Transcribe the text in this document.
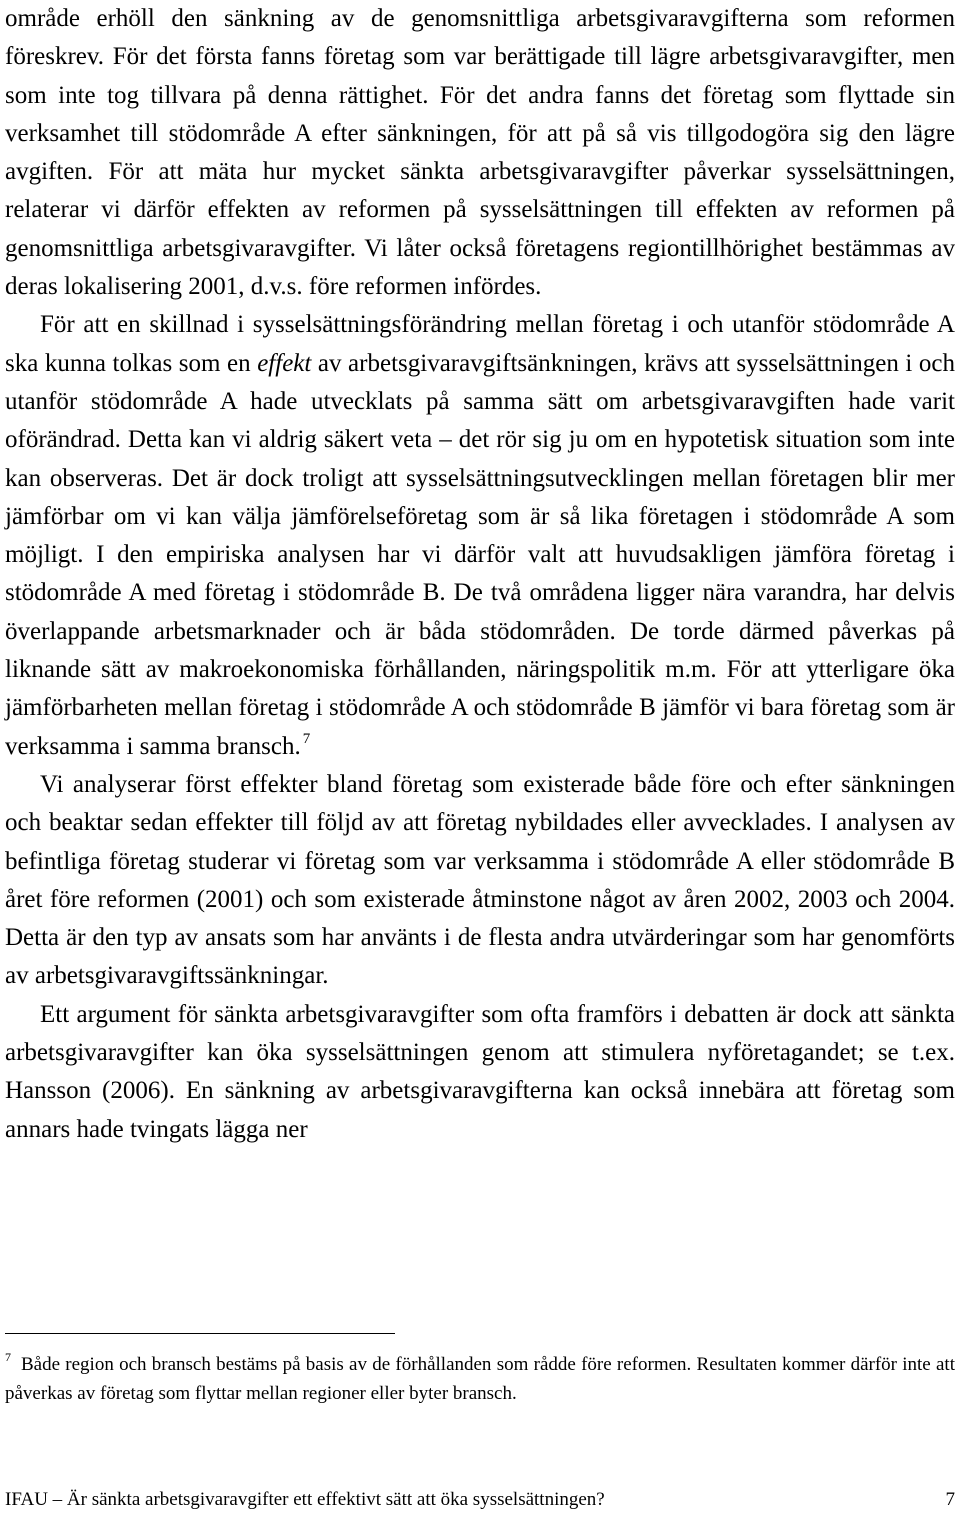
område erhöll den sänkning av de genomsnittliga arbetsgivaravgifterna som reformen föreskrev. För det första fanns företag som var berättigade till lägre arbetsgivaravgifter, men som inte tog tillvara på denna rättighet. För det andra fanns det företag som flyttade sin verksamhet till stödområde A efter sänkningen, för att på så vis tillgodogöra sig den lägre avgiften. För att mäta hur mycket sänkta arbetsgivaravgifter påverkar sysselsättningen, relaterar vi därför effekten av reformen på sysselsättningen till effekten av reformen på genomsnittliga arbetsgivaravgifter. Vi låter också företagens regiontillhörighet bestämmas av deras lokalisering 2001, d.v.s. före reformen infördes.

För att en skillnad i sysselsättningsförändring mellan företag i och utanför stödområde A ska kunna tolkas som en effekt av arbetsgivaravgiftsänkningen, krävs att sysselsättningen i och utanför stödområde A hade utvecklats på samma sätt om arbetsgivaravgiften hade varit oförändrad. Detta kan vi aldrig säkert veta – det rör sig ju om en hypotetisk situation som inte kan observeras. Det är dock troligt att sysselsättningsutvecklingen mellan företagen blir mer jämförbar om vi kan välja jämförelseföretag som är så lika företagen i stödområde A som möjligt. I den empiriska analysen har vi därför valt att huvudsakligen jämföra företag i stödområde A med företag i stödområde B. De två områdena ligger nära varandra, har delvis överlappande arbetsmarknader och är båda stödområden. De torde därmed påverkas på liknande sätt av makroekonomiska förhållanden, näringspolitik m.m. För att ytterligare öka jämförbarheten mellan företag i stödområde A och stödområde B jämför vi bara företag som är verksamma i samma bransch. $^7$

Vi analyserar först effekter bland företag som existerade både före och efter sänkningen och beaktar sedan effekter till följd av att företag nybildades eller avvecklades. I analysen av befintliga företag studerar vi företag som var verksamma i stödområde A eller stödområde B året före reformen (2001) och som existerade åtminstone något av åren 2002, 2003 och 2004. Detta är den typ av ansats som har använts i de flesta andra utvärderingar som har genomförts av arbetsgivaravgiftssänkningar.

Ett argument för sänkta arbetsgivaravgifter som ofta framförs i debatten är dock att sänkta arbetsgivaravgifter kan öka sysselsättningen genom att stimulera nyföretagandet; se t.ex. Hansson (2006). En sänkning av arbetsgivaravgifterna kan också innebära att företag som annars hade tvingats lägga ner

$^7$ Både region och bransch bestäms på basis av de förhållanden som rådde före reformen. Resultaten kommer därför inte att påverkas av företag som flyttar mellan regioner eller byter bransch.

IFAU – Är sänkta arbetsgivaravgifter ett effektivt sätt att öka sysselsättningen?	7
